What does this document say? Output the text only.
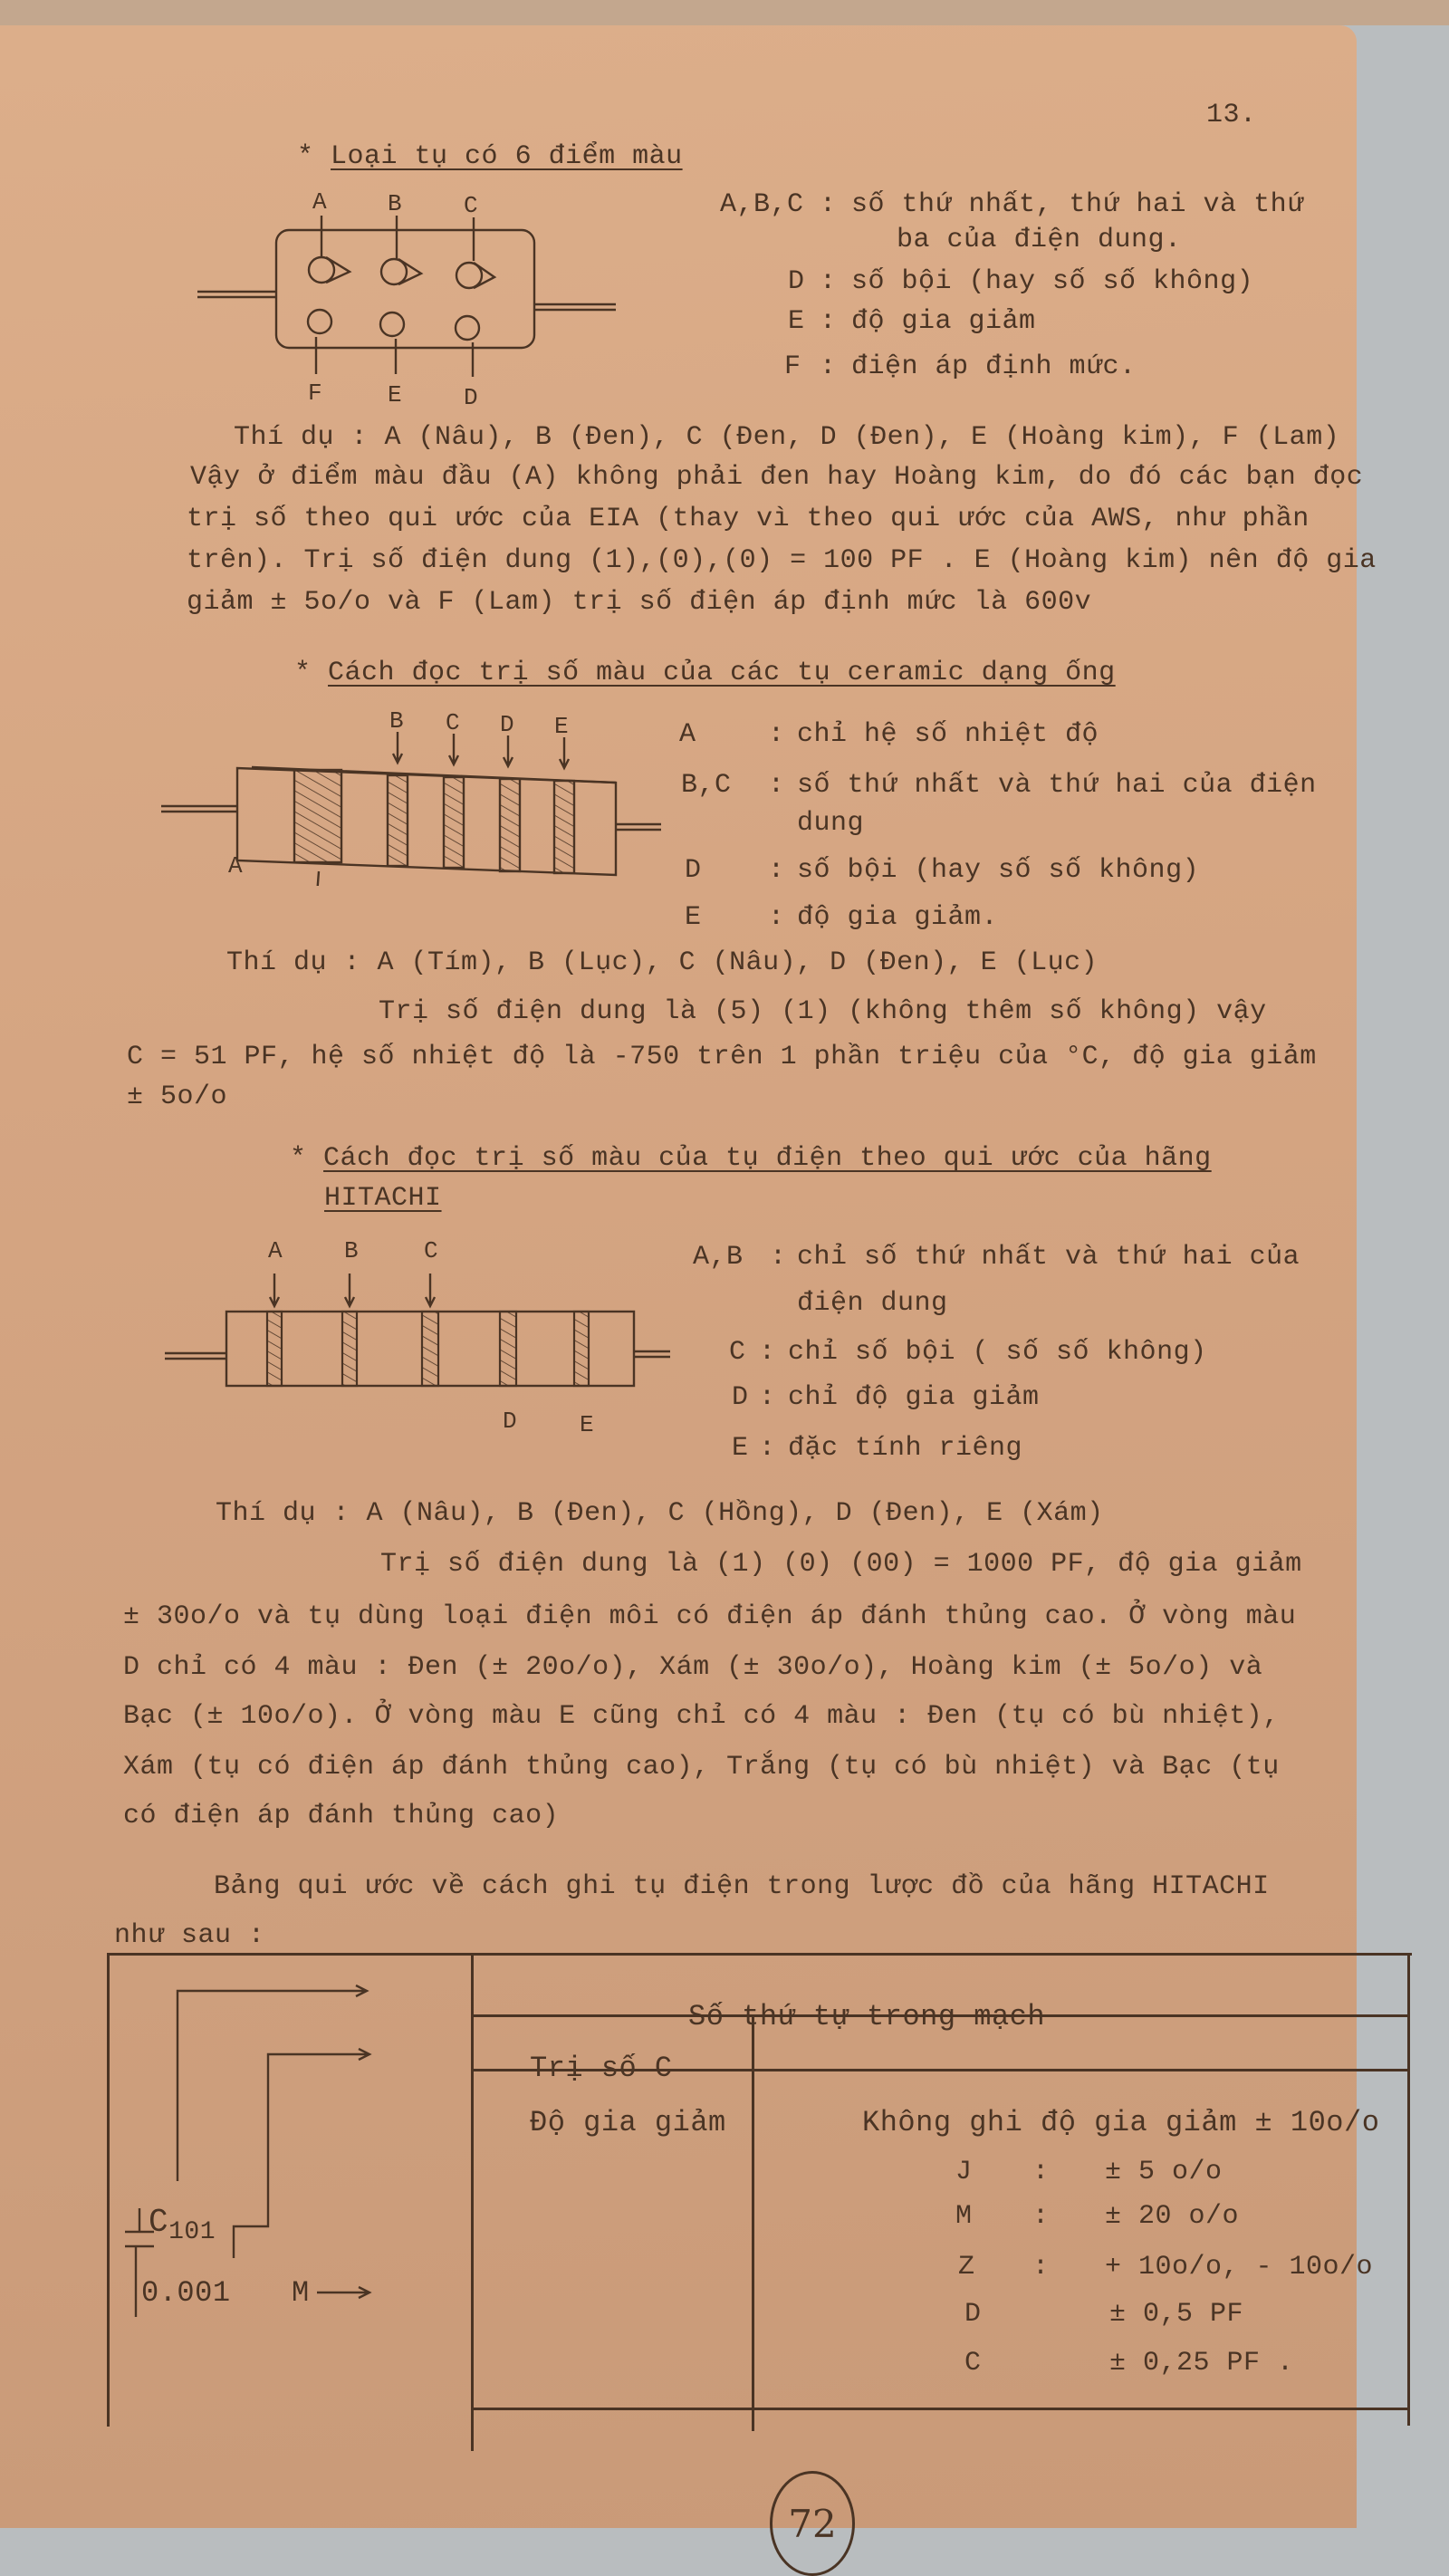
13.
* Loại tụ có 6 điểm màu
A	B	C
F	E	D
A,B,C : số thứ nhất, thứ hai và thứ
ba của điện dung.
D : số bội (hay số số không)
E : độ gia giảm
F : điện áp định mức.
Thí dụ : A (Nâu), B (Đen), C (Đen, D (Đen), E (Hoàng kim), F (Lam)
Vậy ở điểm màu đầu (A) không phải đen hay Hoàng kim, do đó các bạn đọc
trị số theo qui ước của EIA (thay vì theo qui ước của AWS, như phần
trên). Trị số điện dung (1),(0),(0) = 100 PF . E (Hoàng kim) nên độ gia
giảm ± 5o/o và F (Lam) trị số điện áp định mức là 600v
* Cách đọc trị số màu của các tụ ceramic dạng ống
B C D E
A
A	: chỉ hệ số nhiệt độ
B,C : số thứ nhất và thứ hai của điện
dung
D : số bội (hay số số không)
E : độ gia giảm.
Thí dụ : A (Tím), B (Lục), C (Nâu), D (Đen), E (Lục)
Trị số điện dung là (5) (1) (không thêm số không) vậy
C = 51 PF, hệ số nhiệt độ là -750 trên 1 phần triệu của °C, độ gia giảm
± 5o/o
* Cách đọc trị số màu của tụ điện theo qui ước của hãng
HITACHI
A	B	C
D	E
A,B : chỉ số thứ nhất và thứ hai của
điện dung
C : chỉ số bội ( số số không)
D : chỉ độ gia giảm
E : đặc tính riêng
Thí dụ : A (Nâu), B (Đen), C (Hồng), D (Đen), E (Xám)
Trị số điện dung là (1) (0) (00) = 1000 PF, độ gia giảm
± 30o/o và tụ dùng loại điện môi có điện áp đánh thủng cao. Ở vòng màu
D chỉ có 4 màu : Đen (± 20o/o), Xám (± 30o/o), Hoàng kim (± 5o/o) và
Bạc (± 10o/o). Ở vòng màu E cũng chỉ có 4 màu : Đen (tụ có bù nhiệt),
Xám (tụ có điện áp đánh thủng cao), Trắng (tụ có bù nhiệt) và Bạc (tụ
có điện áp đánh thủng cao)
Bảng qui ước về cách ghi tụ điện trong lược đồ của hãng HITACHI
như sau :
Số thứ tự trong mạch
Trị số C
Độ gia giảm	Không ghi độ gia giảm ± 10o/o
J : ± 5 o/o
M : ± 20 o/o
Z : + 10o/o, - 10o/o
D	± 0,5 PF
C	± 0,25 PF .
$C_{101}$
0.001 M
72
